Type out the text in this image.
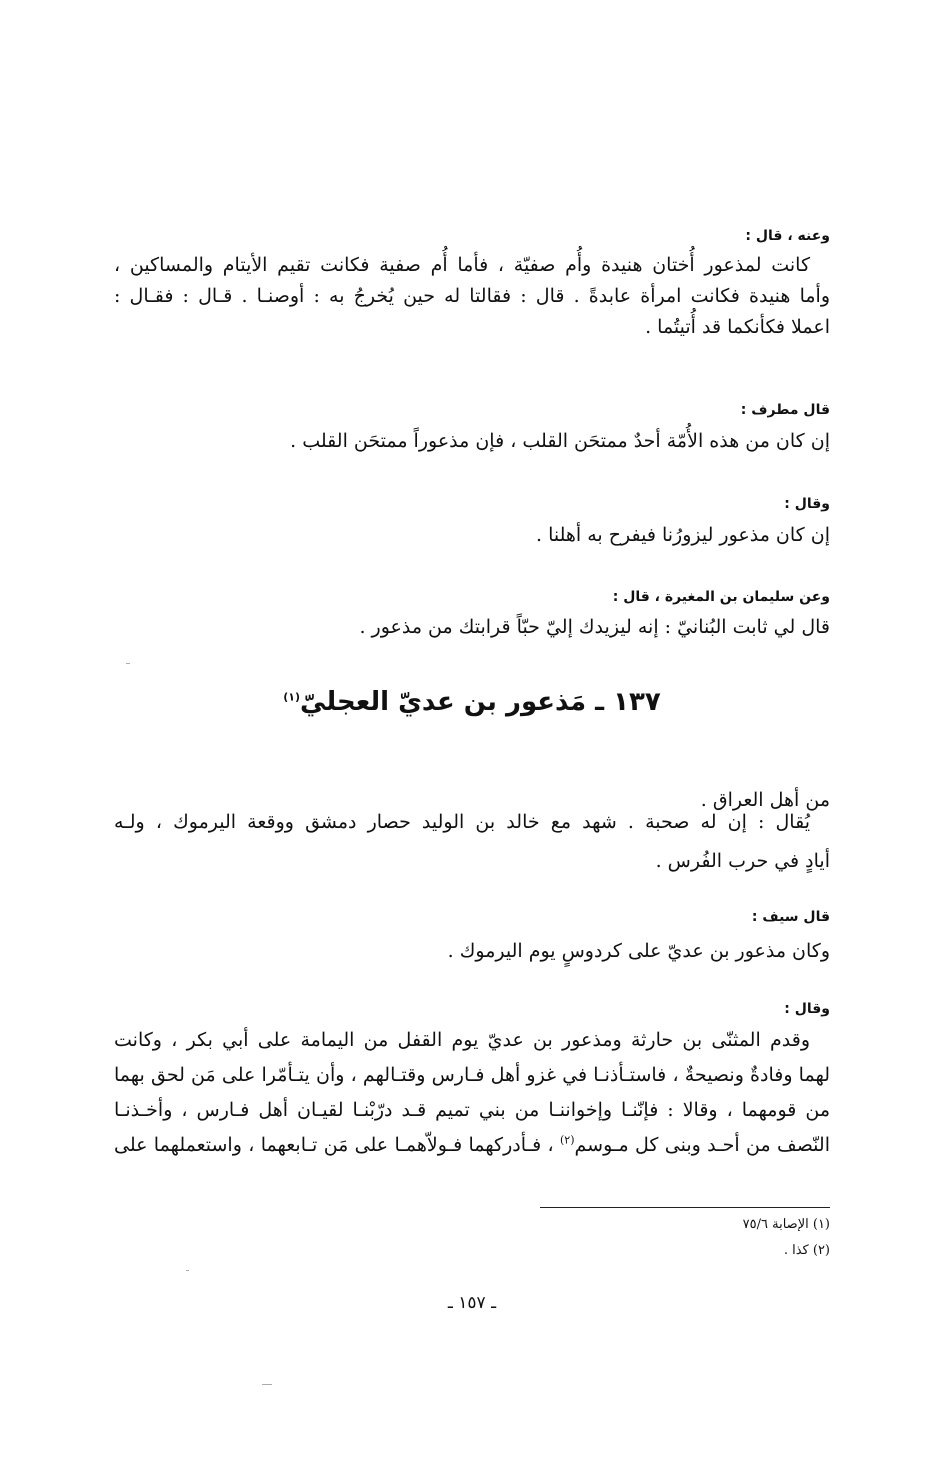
وعنه ، قال :
كانت لمذعور أُختان هنيدة وأُم صفيّة ، فأما أُم صفية فكانت تقيم الأيتام والمساكين ،
وأما هنيدة فكانت امرأة عابدةً . قال : فقالتا له حين يُخرجُ به : أوصنـا . قـال : فقـال :
اعملا فكأنكما قد أُتيتُما .
قال مطرف :
إن كان من هذه الأُمّة أحدٌ ممتحَن القلب ، فإن مذعوراً ممتحَن القلب .
وقال :
إن كان مذعور ليزورُنا فيفرح به أهلنا .
وعن سليمان بن المغيرة ، قال :
قال لي ثابت البُنانيّ : إنه ليزيدك إليّ حبّاً قرابتك من مذعور .
١٣٧ ـ مَذعور بن عديّ العجليّ$^{(١)}$
من أهل العراق .
يُقال : إن له صحبة . شهد مع خالد بن الوليد حصار دمشق ووقعة اليرموك ، ولـه
أيادٍ في حرب الفُرس .
قال سيف :
وكان مذعور بن عديّ على كردوسٍ يوم اليرموك .
وقال :
وقدم المثنّى بن حارثة ومذعور بن عديّ يوم القفل من اليمامة على أبي بكر ، وكانت
لهما وفادةٌ ونصيحةٌ ، فاستـأذنـا في غزو أهل فـارس وقتـالهم ، وأن يتـأمّرا على مَن لحق بهما
من قومهما ، وقالا : فإنّنـا وإخواننـا من بني تميم قـد درّبْنـا لقيـان أهل فـارس ، وأخـذنـا
النّصف من أحـد وبنى كل مـوسم$^{(٢)}$ ، فـأدركهما فـولاّهمـا على مَن تـابعهما ، واستعملهما على
(١) الإصابة ٧٥/٦
(٢) كذا .
ـ ١٥٧ ـ
